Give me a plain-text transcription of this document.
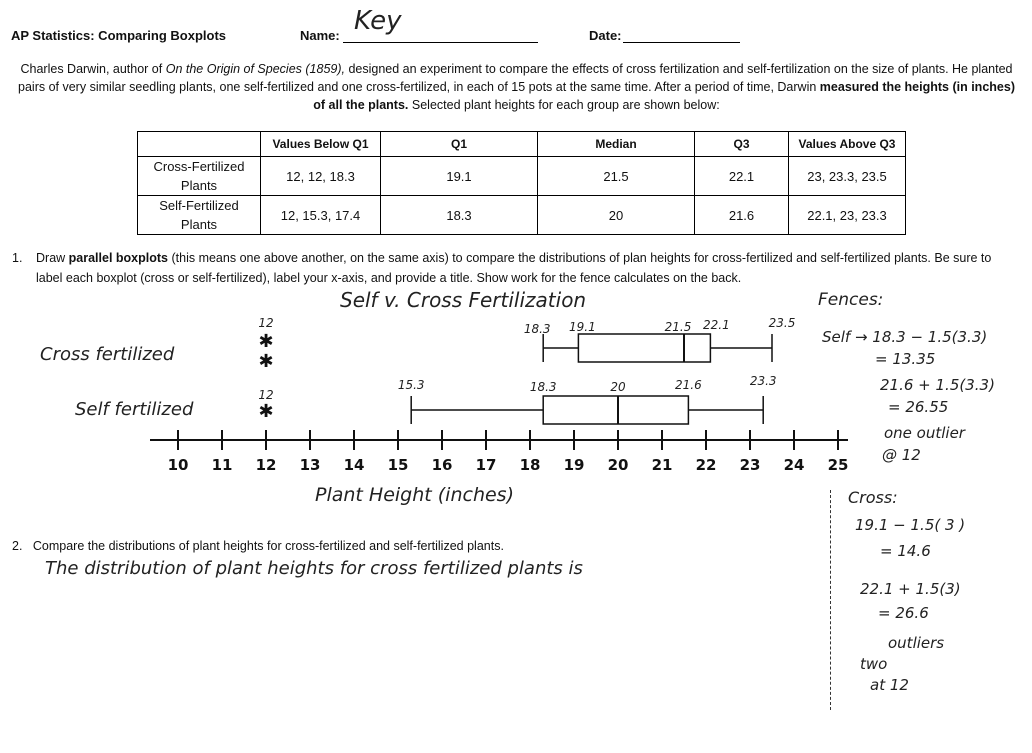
AP Statistics: Comparing Boxplots	Name: Key	Date:
Charles Darwin, author of On the Origin of Species (1859), designed an experiment to compare the effects of cross fertilization and self-fertilization on the size of plants. He planted pairs of very similar seedling plants, one self-fertilized and one cross-fertilized, in each of 15 pots at the same time. After a period of time, Darwin measured the heights (in inches) of all the plants. Selected plant heights for each group are shown below:
	Values Below Q1	Q1	Median	Q3	Values Above Q3
Cross-Fertilized Plants	12, 12, 18.3	19.1	21.5	22.1	23, 23.3, 23.5
Self-Fertilized Plants	12, 15.3, 17.4	18.3	20	21.6	22.1, 23, 23.3
1. Draw parallel boxplots (this means one above another, on the same axis) to compare the distributions of plan heights for cross-fertilized and self-fertilized plants. Be sure to label each boxplot (cross or self-fertilized), label your x-axis, and provide a title. Show work for the fence calculates on the back.
Self v. Cross Fertilization
Cross fertilized
Self fertilized
10 11 12 13 14 15 16 17 18 19 20 21 22 23 24 25
Plant Height (inches)
✱
✱
✱
12	18.3 19.1	21.5 22.1	23.5
12
15.3	18.3	20	21.6	23.3
Fences:
Self → 18.3 − 1.5(3.3)
= 13.35
21.6 + 1.5(3.3)
= 26.55
one outlier
@ 12
Cross:
19.1 − 1.5( 3 )
= 14.6
22.1 + 1.5(3)
= 26.6
outliers
two
at 12
2. Compare the distributions of plant heights for cross-fertilized and self-fertilized plants.
The distribution of plant heights for cross fertilized plants is
